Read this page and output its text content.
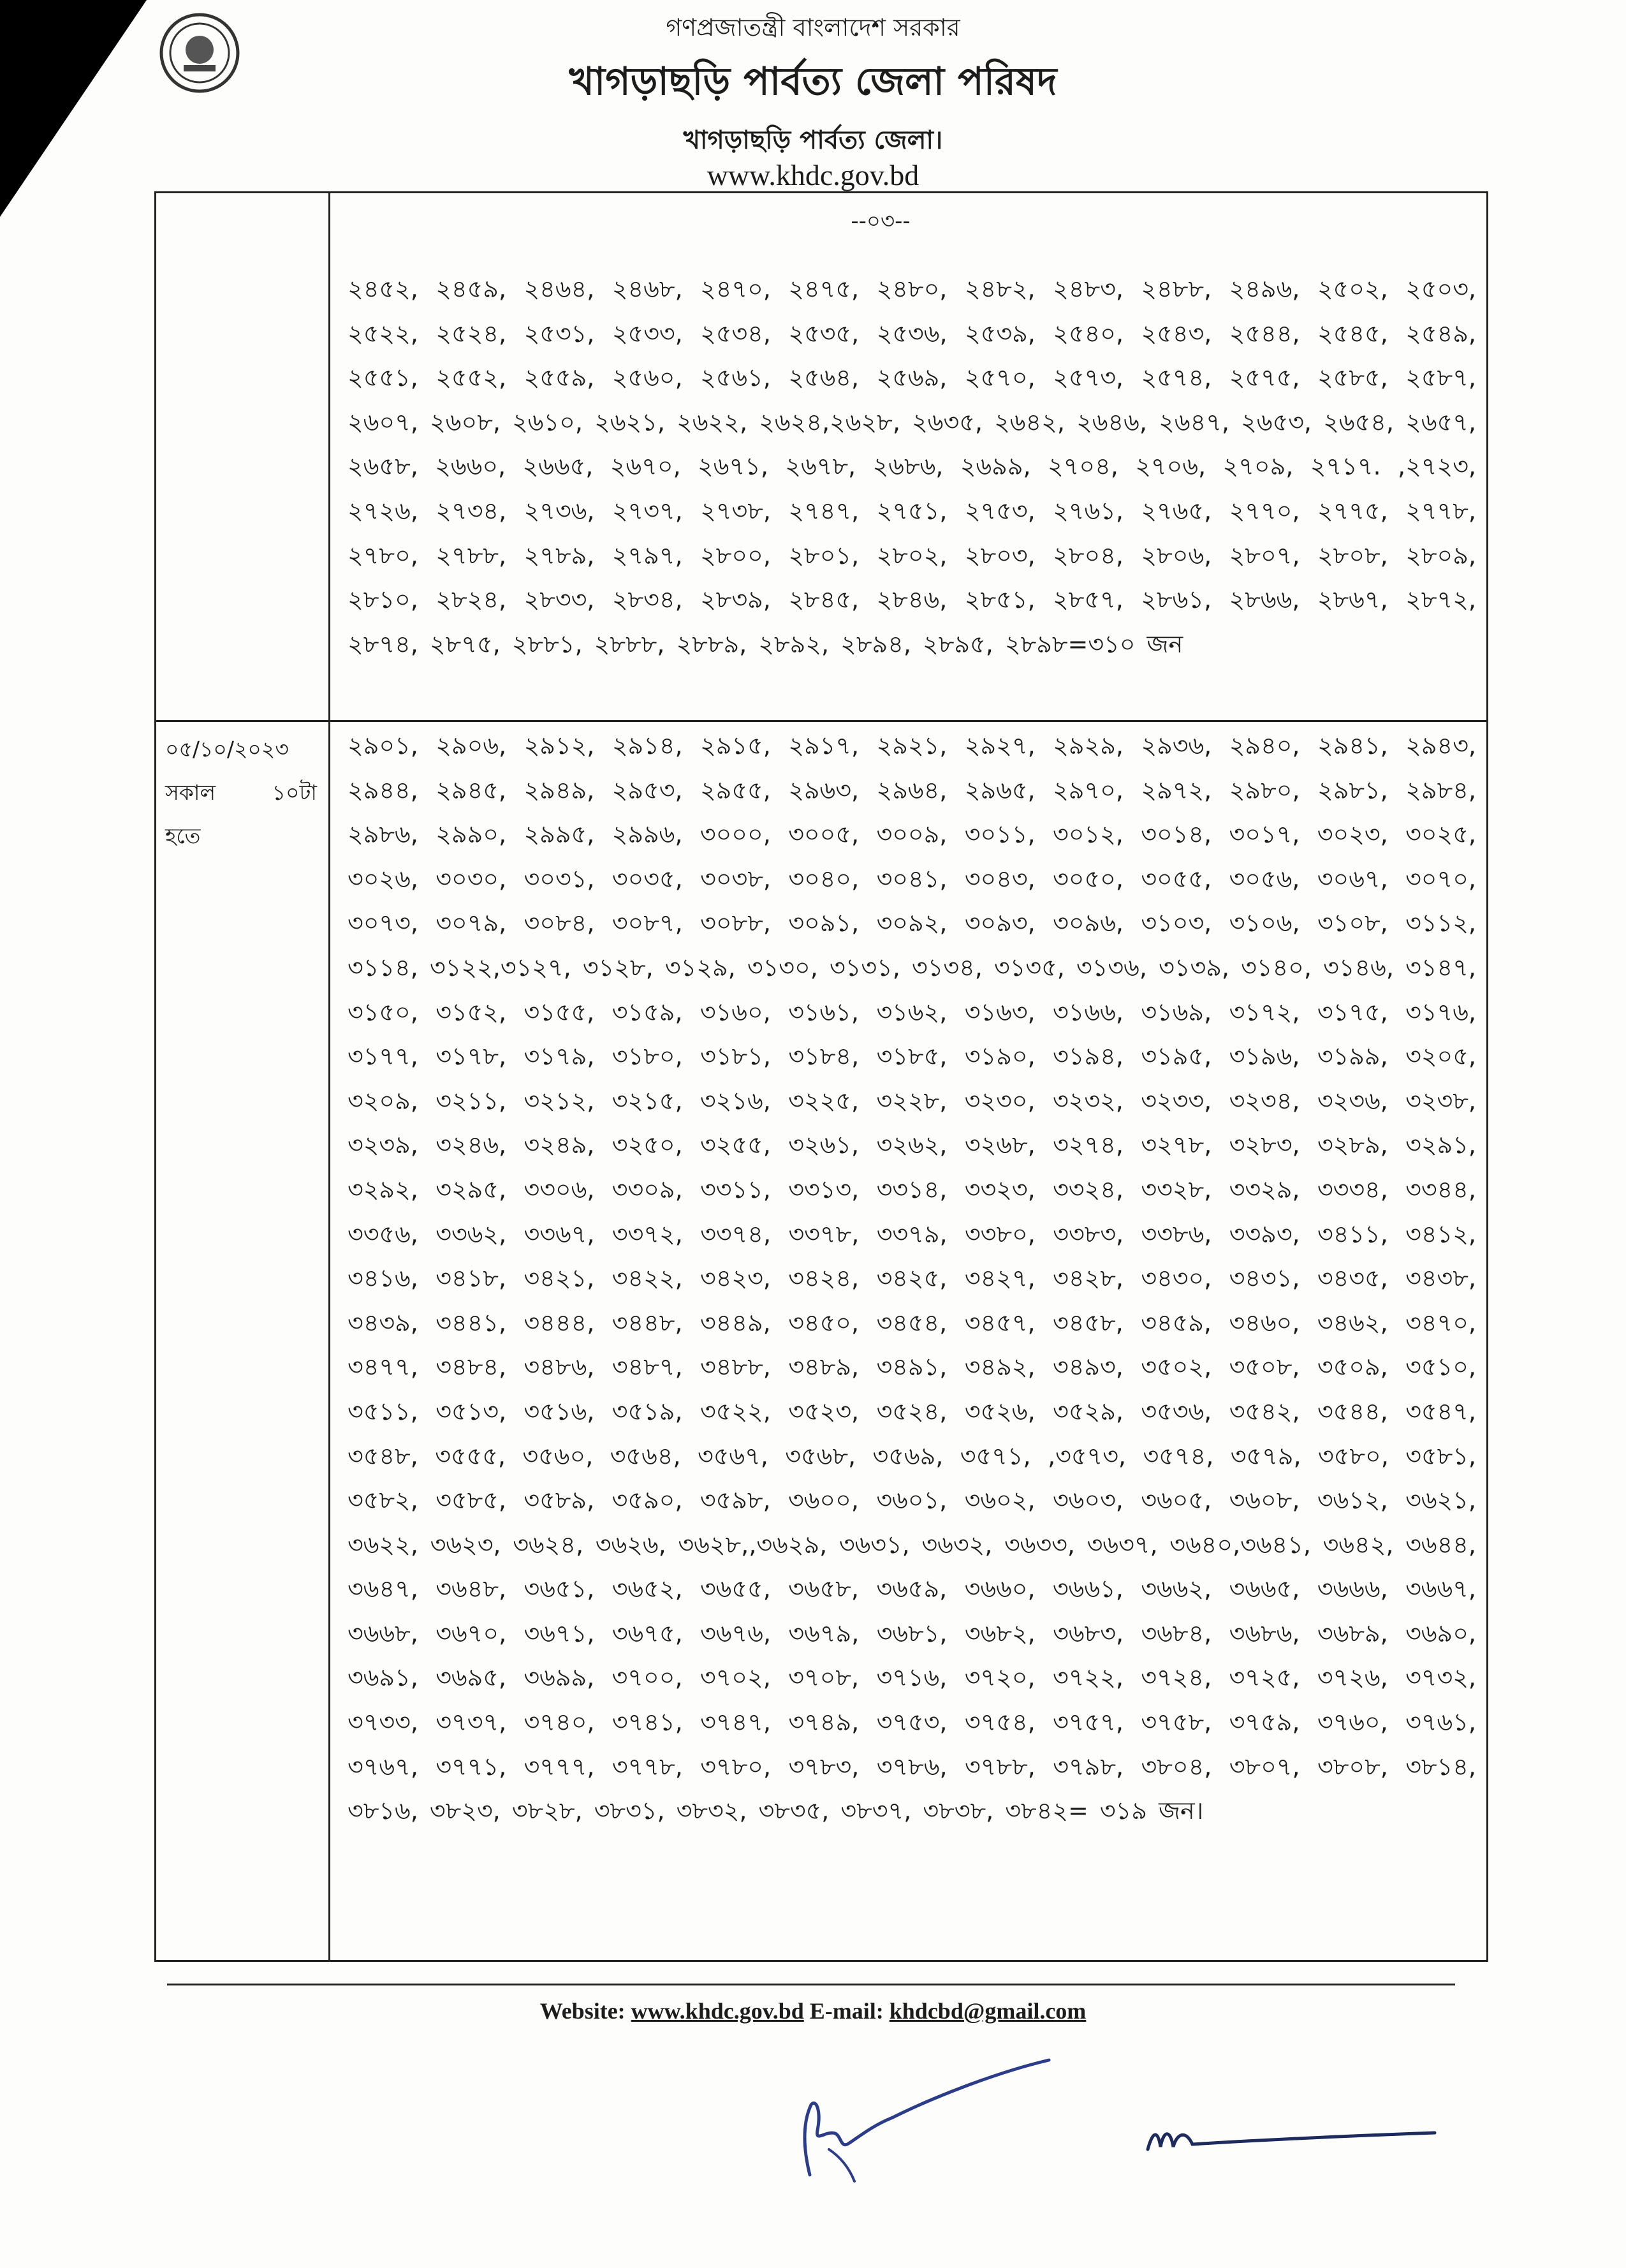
গণপ্রজাতন্ত্রী বাংলাদেশ সরকার
খাগড়াছড়ি পার্বত্য জেলা পরিষদ
খাগড়াছড়ি পার্বত্য জেলা।
www.khdc.gov.bd
--০৩--
২৪৫২, ২৪৫৯, ২৪৬৪, ২৪৬৮, ২৪৭০, ২৪৭৫, ২৪৮০, ২৪৮২, ২৪৮৩, ২৪৮৮, ২৪৯৬, ২৫০২, ২৫০৩, ২৫২২, ২৫২৪, ২৫৩১, ২৫৩৩, ২৫৩৪, ২৫৩৫, ২৫৩৬, ২৫৩৯, ২৫৪০, ২৫৪৩, ২৫৪৪, ২৫৪৫, ২৫৪৯, ২৫৫১, ২৫৫২, ২৫৫৯, ২৫৬০, ২৫৬১, ২৫৬৪, ২৫৬৯, ২৫৭০, ২৫৭৩, ২৫৭৪, ২৫৭৫, ২৫৮৫, ২৫৮৭, ২৬০৭, ২৬০৮, ২৬১০, ২৬২১, ২৬২২, ২৬২৪,২৬২৮, ২৬৩৫, ২৬৪২, ২৬৪৬, ২৬৪৭, ২৬৫৩, ২৬৫৪, ২৬৫৭, ২৬৫৮, ২৬৬০, ২৬৬৫, ২৬৭০, ২৬৭১, ২৬৭৮, ২৬৮৬, ২৬৯৯, ২৭০৪, ২৭০৬, ২৭০৯, ২৭১৭. ,২৭২৩, ২৭২৬, ২৭৩৪, ২৭৩৬, ২৭৩৭, ২৭৩৮, ২৭৪৭, ২৭৫১, ২৭৫৩, ২৭৬১, ২৭৬৫, ২৭৭০, ২৭৭৫, ২৭৭৮, ২৭৮০, ২৭৮৮, ২৭৮৯, ২৭৯৭, ২৮০০, ২৮০১, ২৮০২, ২৮০৩, ২৮০৪, ২৮০৬, ২৮০৭, ২৮০৮, ২৮০৯, ২৮১০, ২৮২৪, ২৮৩৩, ২৮৩৪, ২৮৩৯, ২৮৪৫, ২৮৪৬, ২৮৫১, ২৮৫৭, ২৮৬১, ২৮৬৬, ২৮৬৭, ২৮৭২, ২৮৭৪, ২৮৭৫, ২৮৮১, ২৮৮৮, ২৮৮৯, ২৮৯২, ২৮৯৪, ২৮৯৫, ২৮৯৮=৩১০ জন
০৫/১০/২০২৩
সকাল	১০টা
হতে
২৯০১, ২৯০৬, ২৯১২, ২৯১৪, ২৯১৫, ২৯১৭, ২৯২১, ২৯২৭, ২৯২৯, ২৯৩৬, ২৯৪০, ২৯৪১, ২৯৪৩, ২৯৪৪, ২৯৪৫, ২৯৪৯, ২৯৫৩, ২৯৫৫, ২৯৬৩, ২৯৬৪, ২৯৬৫, ২৯৭০, ২৯৭২, ২৯৮০, ২৯৮১, ২৯৮৪, ২৯৮৬, ২৯৯০, ২৯৯৫, ২৯৯৬, ৩০০০, ৩০০৫, ৩০০৯, ৩০১১, ৩০১২, ৩০১৪, ৩০১৭, ৩০২৩, ৩০২৫, ৩০২৬, ৩০৩০, ৩০৩১, ৩০৩৫, ৩০৩৮, ৩০৪০, ৩০৪১, ৩০৪৩, ৩০৫০, ৩০৫৫, ৩০৫৬, ৩০৬৭, ৩০৭০, ৩০৭৩, ৩০৭৯, ৩০৮৪, ৩০৮৭, ৩০৮৮, ৩০৯১, ৩০৯২, ৩০৯৩, ৩০৯৬, ৩১০৩, ৩১০৬, ৩১০৮, ৩১১২, ৩১১৪, ৩১২২,৩১২৭, ৩১২৮, ৩১২৯, ৩১৩০, ৩১৩১, ৩১৩৪, ৩১৩৫, ৩১৩৬, ৩১৩৯, ৩১৪০, ৩১৪৬, ৩১৪৭, ৩১৫০, ৩১৫২, ৩১৫৫, ৩১৫৯, ৩১৬০, ৩১৬১, ৩১৬২, ৩১৬৩, ৩১৬৬, ৩১৬৯, ৩১৭২, ৩১৭৫, ৩১৭৬, ৩১৭৭, ৩১৭৮, ৩১৭৯, ৩১৮০, ৩১৮১, ৩১৮৪, ৩১৮৫, ৩১৯০, ৩১৯৪, ৩১৯৫, ৩১৯৬, ৩১৯৯, ৩২০৫, ৩২০৯, ৩২১১, ৩২১২, ৩২১৫, ৩২১৬, ৩২২৫, ৩২২৮, ৩২৩০, ৩২৩২, ৩২৩৩, ৩২৩৪, ৩২৩৬, ৩২৩৮, ৩২৩৯, ৩২৪৬, ৩২৪৯, ৩২৫০, ৩২৫৫, ৩২৬১, ৩২৬২, ৩২৬৮, ৩২৭৪, ৩২৭৮, ৩২৮৩, ৩২৮৯, ৩২৯১, ৩২৯২, ৩২৯৫, ৩৩০৬, ৩৩০৯, ৩৩১১, ৩৩১৩, ৩৩১৪, ৩৩২৩, ৩৩২৪, ৩৩২৮, ৩৩২৯, ৩৩৩৪, ৩৩৪৪, ৩৩৫৬, ৩৩৬২, ৩৩৬৭, ৩৩৭২, ৩৩৭৪, ৩৩৭৮, ৩৩৭৯, ৩৩৮০, ৩৩৮৩, ৩৩৮৬, ৩৩৯৩, ৩৪১১, ৩৪১২, ৩৪১৬, ৩৪১৮, ৩৪২১, ৩৪২২, ৩৪২৩, ৩৪২৪, ৩৪২৫, ৩৪২৭, ৩৪২৮, ৩৪৩০, ৩৪৩১, ৩৪৩৫, ৩৪৩৮, ৩৪৩৯, ৩৪৪১, ৩৪৪৪, ৩৪৪৮, ৩৪৪৯, ৩৪৫০, ৩৪৫৪, ৩৪৫৭, ৩৪৫৮, ৩৪৫৯, ৩৪৬০, ৩৪৬২, ৩৪৭০, ৩৪৭৭, ৩৪৮৪, ৩৪৮৬, ৩৪৮৭, ৩৪৮৮, ৩৪৮৯, ৩৪৯১, ৩৪৯২, ৩৪৯৩, ৩৫০২, ৩৫০৮, ৩৫০৯, ৩৫১০, ৩৫১১, ৩৫১৩, ৩৫১৬, ৩৫১৯, ৩৫২২, ৩৫২৩, ৩৫২৪, ৩৫২৬, ৩৫২৯, ৩৫৩৬, ৩৫৪২, ৩৫৪৪, ৩৫৪৭, ৩৫৪৮, ৩৫৫৫, ৩৫৬০, ৩৫৬৪, ৩৫৬৭, ৩৫৬৮, ৩৫৬৯, ৩৫৭১, ,৩৫৭৩, ৩৫৭৪, ৩৫৭৯, ৩৫৮০, ৩৫৮১, ৩৫৮২, ৩৫৮৫, ৩৫৮৯, ৩৫৯০, ৩৫৯৮, ৩৬০০, ৩৬০১, ৩৬০২, ৩৬০৩, ৩৬০৫, ৩৬০৮, ৩৬১২, ৩৬২১, ৩৬২২, ৩৬২৩, ৩৬২৪, ৩৬২৬, ৩৬২৮,,৩৬২৯, ৩৬৩১, ৩৬৩২, ৩৬৩৩, ৩৬৩৭, ৩৬৪০,৩৬৪১, ৩৬৪২, ৩৬৪৪, ৩৬৪৭, ৩৬৪৮, ৩৬৫১, ৩৬৫২, ৩৬৫৫, ৩৬৫৮, ৩৬৫৯, ৩৬৬০, ৩৬৬১, ৩৬৬২, ৩৬৬৫, ৩৬৬৬, ৩৬৬৭, ৩৬৬৮, ৩৬৭০, ৩৬৭১, ৩৬৭৫, ৩৬৭৬, ৩৬৭৯, ৩৬৮১, ৩৬৮২, ৩৬৮৩, ৩৬৮৪, ৩৬৮৬, ৩৬৮৯, ৩৬৯০, ৩৬৯১, ৩৬৯৫, ৩৬৯৯, ৩৭০০, ৩৭০২, ৩৭০৮, ৩৭১৬, ৩৭২০, ৩৭২২, ৩৭২৪, ৩৭২৫, ৩৭২৬, ৩৭৩২, ৩৭৩৩, ৩৭৩৭, ৩৭৪০, ৩৭৪১, ৩৭৪৭, ৩৭৪৯, ৩৭৫৩, ৩৭৫৪, ৩৭৫৭, ৩৭৫৮, ৩৭৫৯, ৩৭৬০, ৩৭৬১, ৩৭৬৭, ৩৭৭১, ৩৭৭৭, ৩৭৭৮, ৩৭৮০, ৩৭৮৩, ৩৭৮৬, ৩৭৮৮, ৩৭৯৮, ৩৮০৪, ৩৮০৭, ৩৮০৮, ৩৮১৪, ৩৮১৬, ৩৮২৩, ৩৮২৮, ৩৮৩১, ৩৮৩২, ৩৮৩৫, ৩৮৩৭, ৩৮৩৮, ৩৮৪২= ৩১৯ জন।
Website: www.khdc.gov.bd E-mail: khdcbd@gmail.com
